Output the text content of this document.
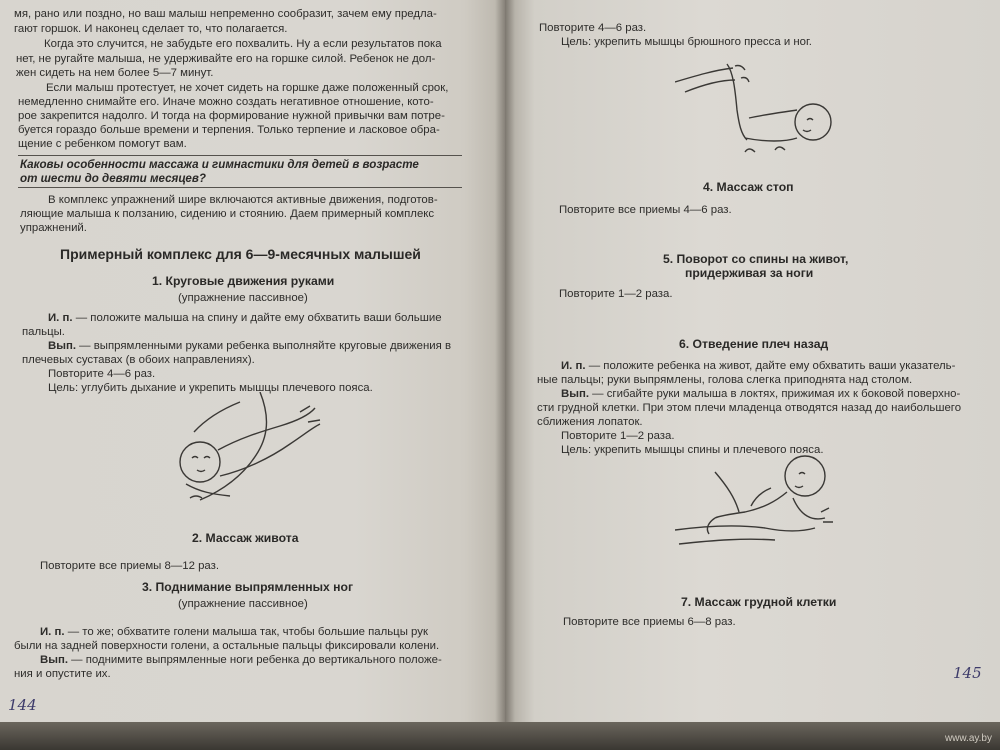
мя, рано или поздно, но ваш малыш непременно сообразит, зачем ему предла-
гают горшок. И наконец сделает то, что полагается.
Когда это случится, не забудьте его похвалить. Ну а если результатов пока
нет, не ругайте малыша, не удерживайте его на горшке силой. Ребенок не дол-
жен сидеть на нем более 5—7 минут.
Если малыш протестует, не хочет сидеть на горшке даже положенный срок,
немедленно снимайте его. Иначе можно создать негативное отношение, кото-
рое закрепится надолго. И тогда на формирование нужной привычки вам потре-
буется гораздо больше времени и терпения. Только терпение и ласковое обра-
щение с ребенком помогут вам.
Каковы особенности массажа и гимнастики для детей в возрасте
от шести до девяти месяцев?
В комплекс упражнений шире включаются активные движения, подготов-
ляющие малыша к ползанию, сидению и стоянию. Даем примерный комплекс
упражнений.
Примерный комплекс для 6—9-месячных малышей
1. Круговые движения руками
(упражнение пассивное)
И. п. — положите малыша на спину и дайте ему обхватить ваши большие
пальцы.
Вып. — выпрямленными руками ребенка выполняйте круговые движения в
плечевых суставах (в обоих направлениях).
Повторите 4—6 раз.
Цель: углубить дыхание и укрепить мышцы плечевого пояса.
2. Массаж живота
Повторите все приемы 8—12 раз.
3. Поднимание выпрямленных ног
(упражнение пассивное)
И. п. — то же; обхватите голени малыша так, чтобы большие пальцы рук
были на задней поверхности голени, а остальные пальцы фиксировали колени.
Вып. — поднимите выпрямленные ноги ребенка до вертикального положе-
ния и опустите их.
144
Повторите 4—6 раз.
Цель: укрепить мышцы брюшного пресса и ног.
4. Массаж стоп
Повторите все приемы 4—6 раз.
5. Поворот со спины на живот,
придерживая за ноги
Повторите 1—2 раза.
6. Отведение плеч назад
И. п. — положите ребенка на живот, дайте ему обхватить ваши указатель-
ные пальцы; руки выпрямлены, голова слегка приподнята над столом.
Вып. — сгибайте руки малыша в локтях, прижимая их к боковой поверхно-
сти грудной клетки. При этом плечи младенца отводятся назад до наибольшего
сближения лопаток.
Повторите 1—2 раза.
Цель: укрепить мышцы спины и плечевого пояса.
7. Массаж грудной клетки
Повторите все приемы 6—8 раз.
145
www.ay.by
